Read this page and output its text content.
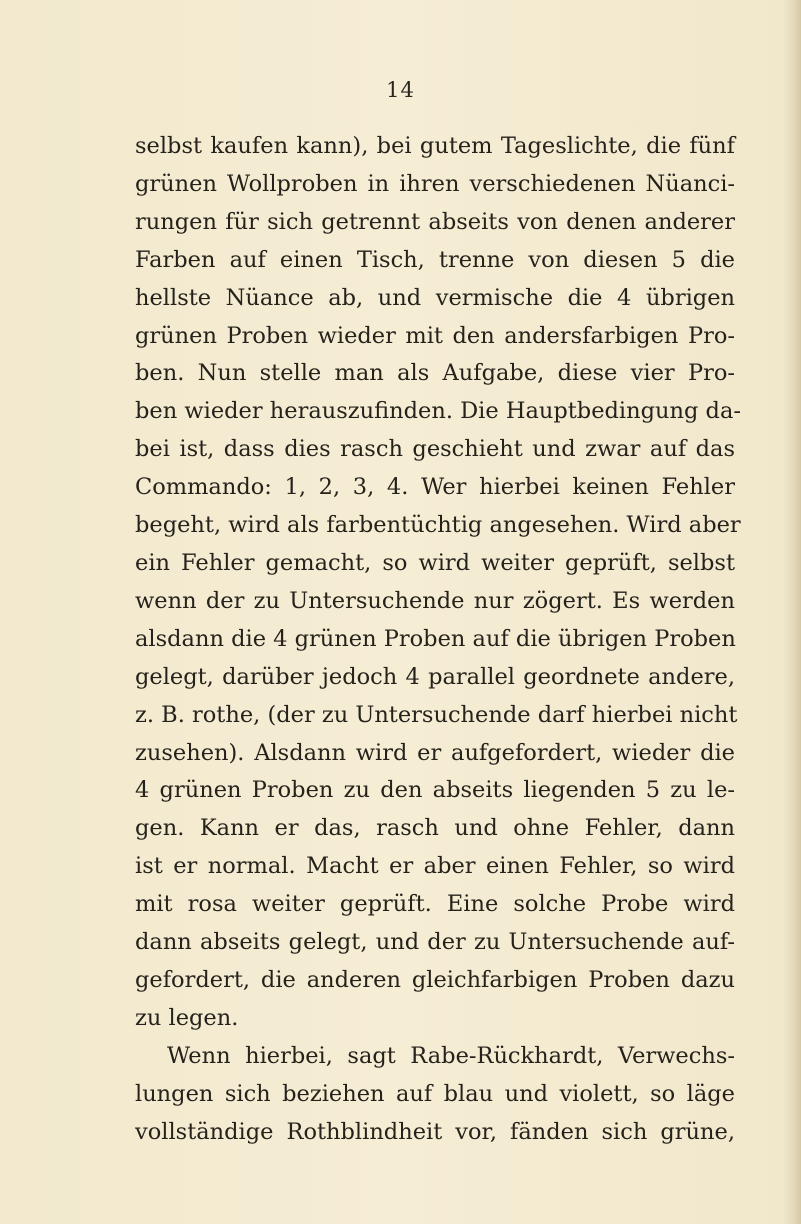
14
selbst kaufen kann), bei gutem Tageslichte, die fünf
grünen Wollproben in ihren verschiedenen Nüanci-
rungen für sich getrennt abseits von denen anderer
Farben auf einen Tisch, trenne von diesen 5 die
hellste Nüance ab, und vermische die 4 übrigen
grünen Proben wieder mit den andersfarbigen Pro-
ben. Nun stelle man als Aufgabe, diese vier Pro-
ben wieder herauszufinden. Die Hauptbedingung da-
bei ist, dass dies rasch geschieht und zwar auf das
Commando: 1, 2, 3, 4. Wer hierbei keinen Fehler
begeht, wird als farbentüchtig angesehen. Wird aber
ein Fehler gemacht, so wird weiter geprüft, selbst
wenn der zu Untersuchende nur zögert. Es werden
alsdann die 4 grünen Proben auf die übrigen Proben
gelegt, darüber jedoch 4 parallel geordnete andere,
z. B. rothe, (der zu Untersuchende darf hierbei nicht
zusehen). Alsdann wird er aufgefordert, wieder die
4 grünen Proben zu den abseits liegenden 5 zu le-
gen. Kann er das, rasch und ohne Fehler, dann
ist er normal. Macht er aber einen Fehler, so wird
mit rosa weiter geprüft. Eine solche Probe wird
dann abseits gelegt, und der zu Untersuchende auf-
gefordert, die anderen gleichfarbigen Proben dazu
zu legen.
Wenn hierbei, sagt Rabe-Rückhardt, Verwechs-
lungen sich beziehen auf blau und violett, so läge
vollständige Rothblindheit vor, fänden sich grüne,
